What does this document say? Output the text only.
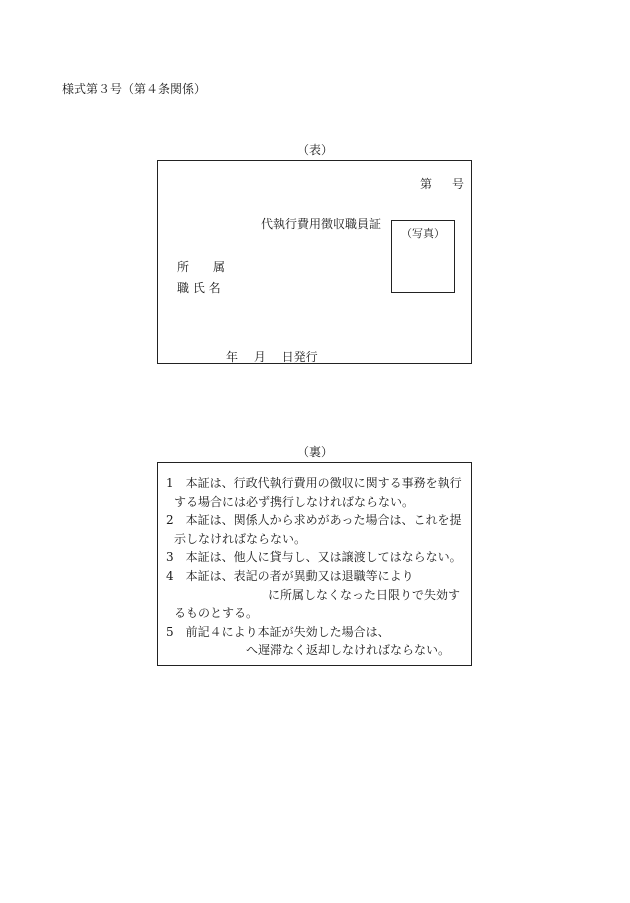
様式第３号（第４条関係）
（表）
第 号
代執行費用徴収職員証
（写真）
所　　属
職 氏 名
年　 月　 日発行
（裏）
1　本証は、行政代執行費用の徴収に関する事務を執行
する場合には必ず携行しなければならない。
2　本証は、関係人から求めがあった場合は、これを提
示しなければならない。
3　本証は、他人に貸与し、又は譲渡してはならない。
4　本証は、表記の者が異動又は退職等により
に所属しなくなった日限りで失効す
るものとする。
5　前記４により本証が失効した場合は、
へ遅滞なく返却しなければならない。
